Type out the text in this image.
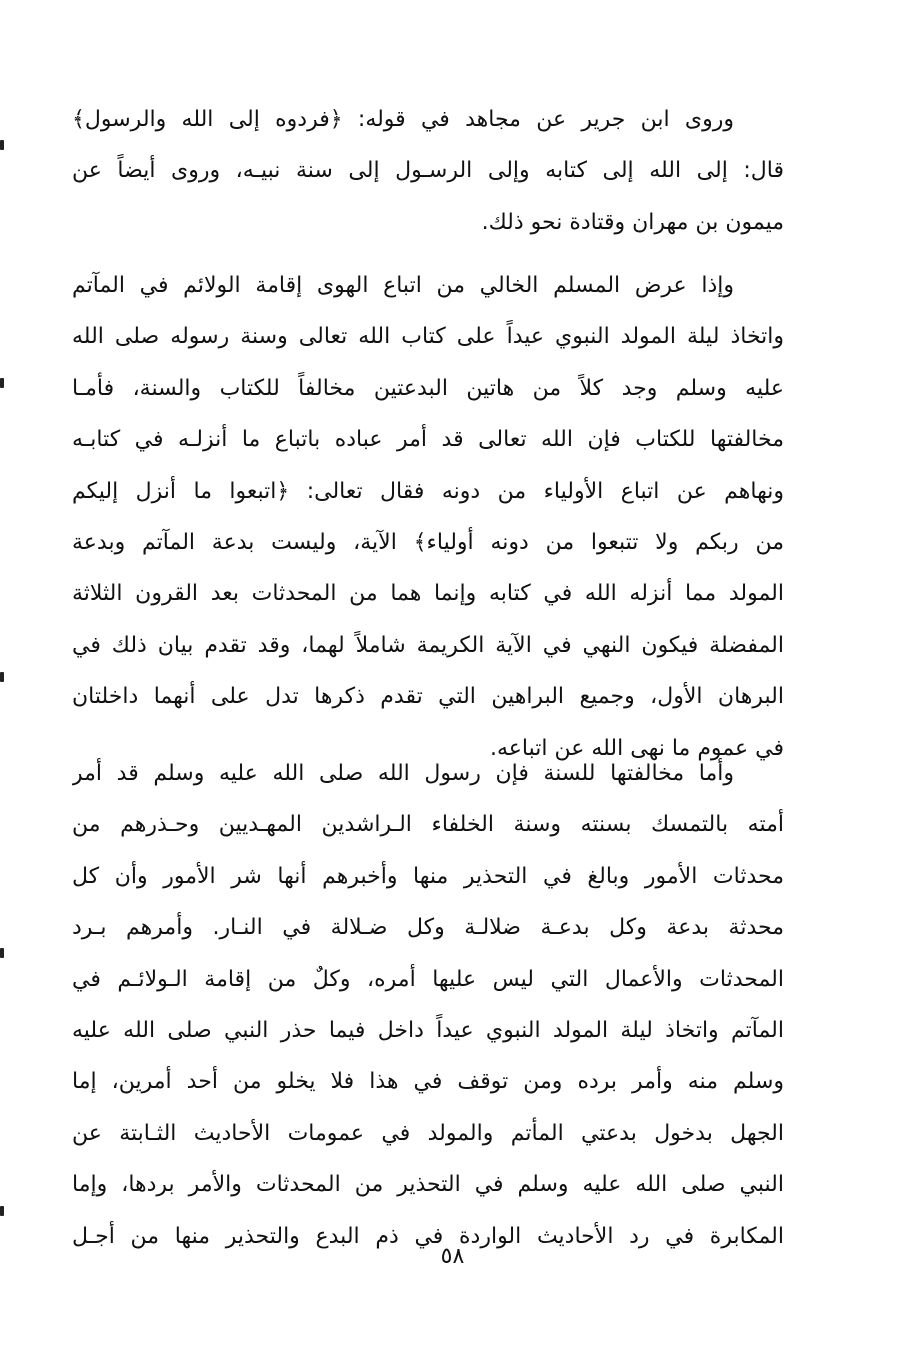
وروى ابن جرير عن مجاهد في قوله: ﴿فردوه إلى الله والرسول﴾
قال: إلى الله إلى كتابه وإلى الرسـول إلى سنة نبيـه، وروى أيضاً عن
ميمون بن مهران وقتادة نحو ذلك.
وإذا عرض المسلم الخالي من اتباع الهوى إقامة الولائم في المآتم
واتخاذ ليلة المولد النبوي عيداً على كتاب الله تعالى وسنة رسوله صلى الله
عليه وسلم وجد كلاً من هاتين البدعتين مخالفاً للكتاب والسنة، فأمـا
مخالفتها للكتاب فإن الله تعالى قد أمر عباده باتباع ما أنزلـه في كتابـه
ونهاهم عن اتباع الأولياء من دونه فقال تعالى: ﴿اتبعوا ما أنزل إليكم
من ربكم ولا تتبعوا من دونه أولياء﴾ الآية، وليست بدعة المآتم وبدعة
المولد مما أنزله الله في كتابه وإنما هما من المحدثات بعد القرون الثلاثة
المفضلة فيكون النهي في الآية الكريمة شاملاً لهما، وقد تقدم بيان ذلك في
البرهان الأول، وجميع البراهين التي تقدم ذكرها تدل على أنهما داخلتان
في عموم ما نهى الله عن اتباعه.
وأما مخالفتها للسنة فإن رسول الله صلى الله عليه وسلم قد أمر
أمته بالتمسك بسنته وسنة الخلفاء الـراشدين المهـديين وحـذرهم من
محدثات الأمور وبالغ في التحذير منها وأخبرهم أنها شر الأمور وأن كل
محدثة بدعة وكل بدعـة ضلالـة وكل ضـلالة في النـار. وأمرهم بـرد
المحدثات والأعمال التي ليس عليها أمره، وكلٌ من إقامة الـولائـم في
المآتم واتخاذ ليلة المولد النبوي عيداً داخل فيما حذر النبي صلى الله عليه
وسلم منه وأمر برده ومن توقف في هذا فلا يخلو من أحد أمرين، إما
الجهل بدخول بدعتي المأتم والمولد في عمومات الأحاديث الثـابتة عن
النبي صلى الله عليه وسلم في التحذير من المحدثات والأمر بردها، وإما
المكابرة في رد الأحاديث الواردة في ذم البدع والتحذير منها من أجـل
٥٨
